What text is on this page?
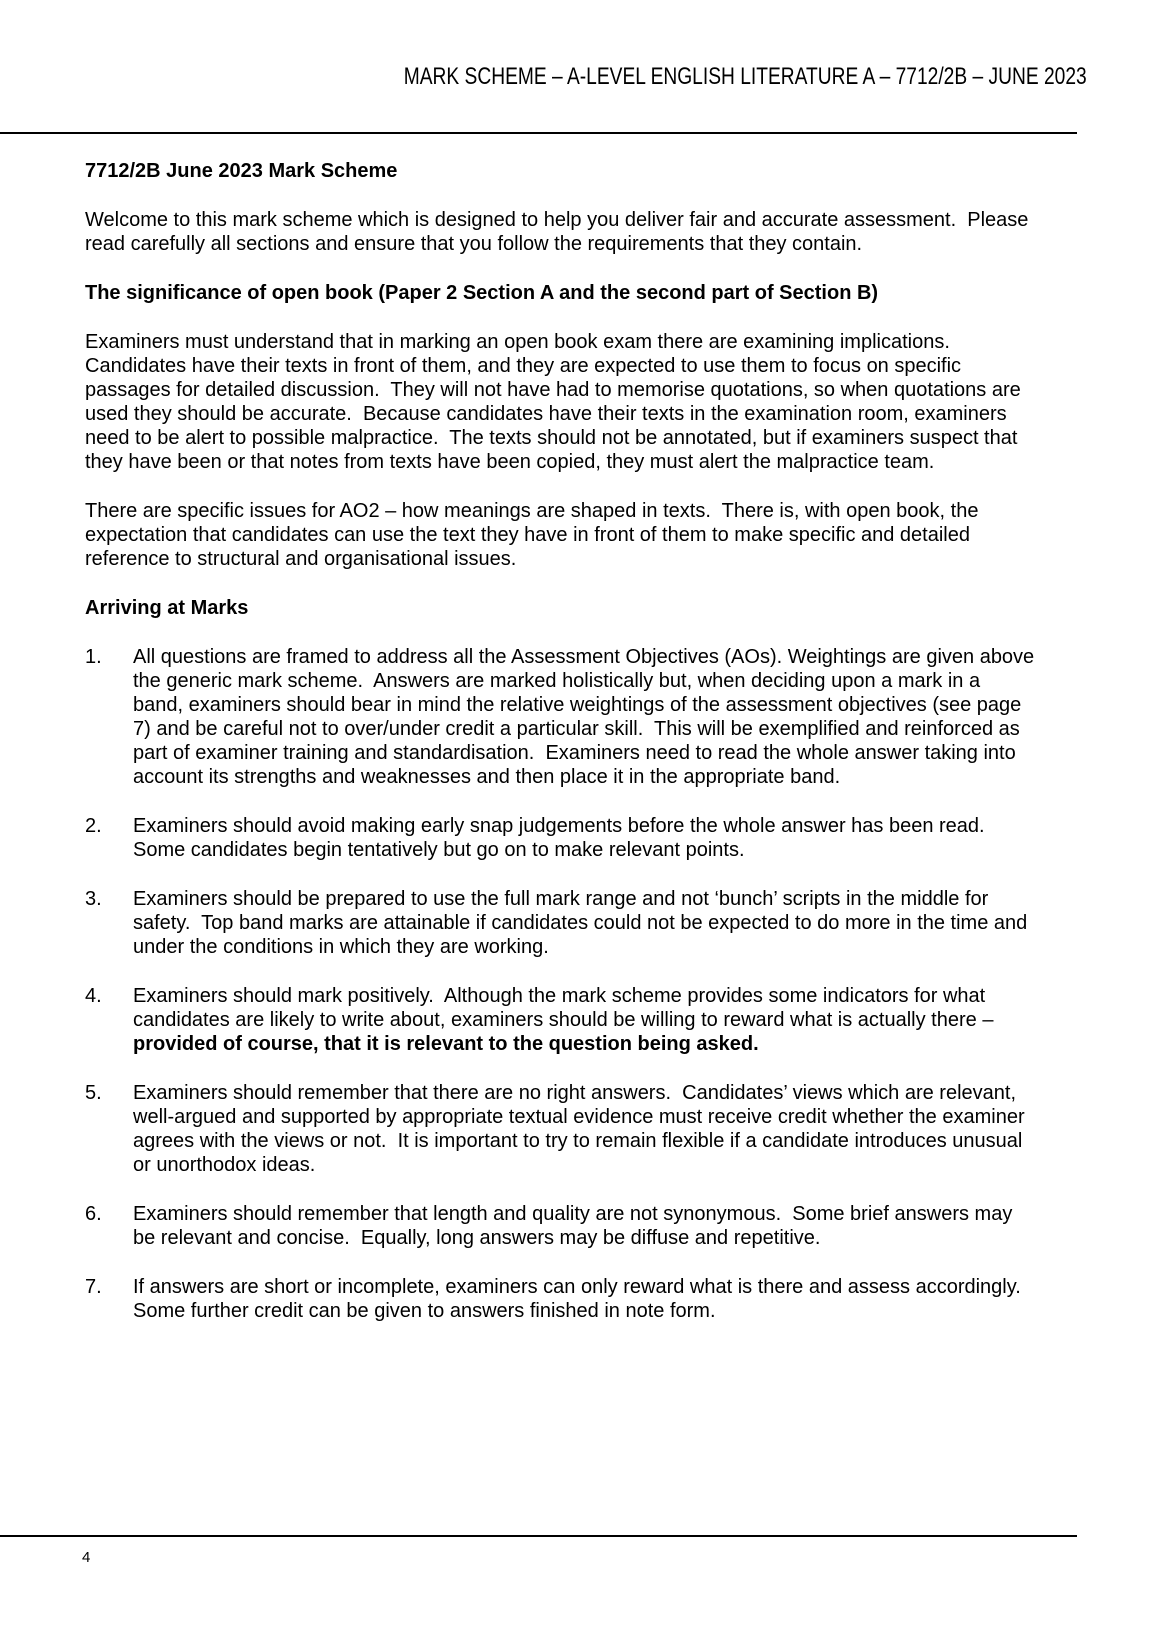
MARK SCHEME – A-LEVEL ENGLISH LITERATURE A – 7712/2B – JUNE 2023
7712/2B June 2023 Mark Scheme

Welcome to this mark scheme which is designed to help you deliver fair and accurate assessment.  Please read carefully all sections and ensure that you follow the requirements that they contain.

The significance of open book (Paper 2 Section A and the second part of Section B)

Examiners must understand that in marking an open book exam there are examining implications.  Candidates have their texts in front of them, and they are expected to use them to focus on specific passages for detailed discussion.  They will not have had to memorise quotations, so when quotations are used they should be accurate.  Because candidates have their texts in the examination room, examiners need to be alert to possible malpractice.  The texts should not be annotated, but if examiners suspect that they have been or that notes from texts have been copied, they must alert the malpractice team.

There are specific issues for AO2 – how meanings are shaped in texts.  There is, with open book, the expectation that candidates can use the text they have in front of them to make specific and detailed reference to structural and organisational issues.

Arriving at Marks
1.	All questions are framed to address all the Assessment Objectives (AOs). Weightings are given above the generic mark scheme.  Answers are marked holistically but, when deciding upon a mark in a band, examiners should bear in mind the relative weightings of the assessment objectives (see page 7) and be careful not to over/under credit a particular skill.  This will be exemplified and reinforced as part of examiner training and standardisation.  Examiners need to read the whole answer taking into account its strengths and weaknesses and then place it in the appropriate band.
2.	Examiners should avoid making early snap judgements before the whole answer has been read.  Some candidates begin tentatively but go on to make relevant points.
3.	Examiners should be prepared to use the full mark range and not ‘bunch’ scripts in the middle for safety.  Top band marks are attainable if candidates could not be expected to do more in the time and under the conditions in which they are working.
4.	Examiners should mark positively.  Although the mark scheme provides some indicators for what candidates are likely to write about, examiners should be willing to reward what is actually there – provided of course, that it is relevant to the question being asked.
5.	Examiners should remember that there are no right answers.  Candidates’ views which are relevant, well-argued and supported by appropriate textual evidence must receive credit whether the examiner agrees with the views or not.  It is important to try to remain flexible if a candidate introduces unusual or unorthodox ideas.
6.	Examiners should remember that length and quality are not synonymous.  Some brief answers may be relevant and concise.  Equally, long answers may be diffuse and repetitive.
7.	If answers are short or incomplete, examiners can only reward what is there and assess accordingly.  Some further credit can be given to answers finished in note form.
4
